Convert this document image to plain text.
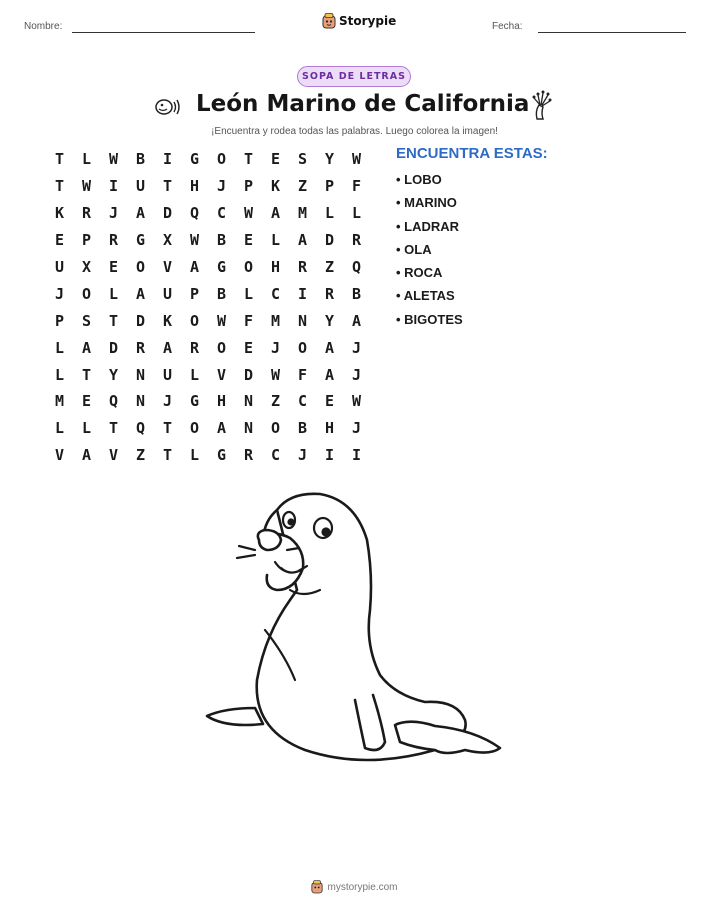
Nombre:	Storypie	Fecha:
SOPA DE LETRAS
León Marino de California
¡Encuentra y rodea todas las palabras. Luego colorea la imagen!
T	L	W	B	I	G	O	T	E	S	Y	W
T	W	I	U	T	H	J	P	K	Z	P	F
K	R	J	A	D	Q	C	W	A	M	L	L
E	P	R	G	X	W	B	E	L	A	D	R
U	X	E	O	V	A	G	O	H	R	Z	Q
J	O	L	A	U	P	B	L	C	I	R	B
P	S	T	D	K	O	W	F	M	N	Y	A
L	A	D	R	A	R	O	E	J	O	A	J
L	T	Y	N	U	L	V	D	W	F	A	J
M	E	Q	N	J	G	H	N	Z	C	E	W
L	L	T	Q	T	O	A	N	O	B	H	J
V	A	V	Z	T	L	G	R	C	J	I	I
ENCUENTRA ESTAS:
• LOBO
• MARINO
• LADRAR
• OLA
• ROCA
• ALETAS
• BIGOTES
mystorypie.com
